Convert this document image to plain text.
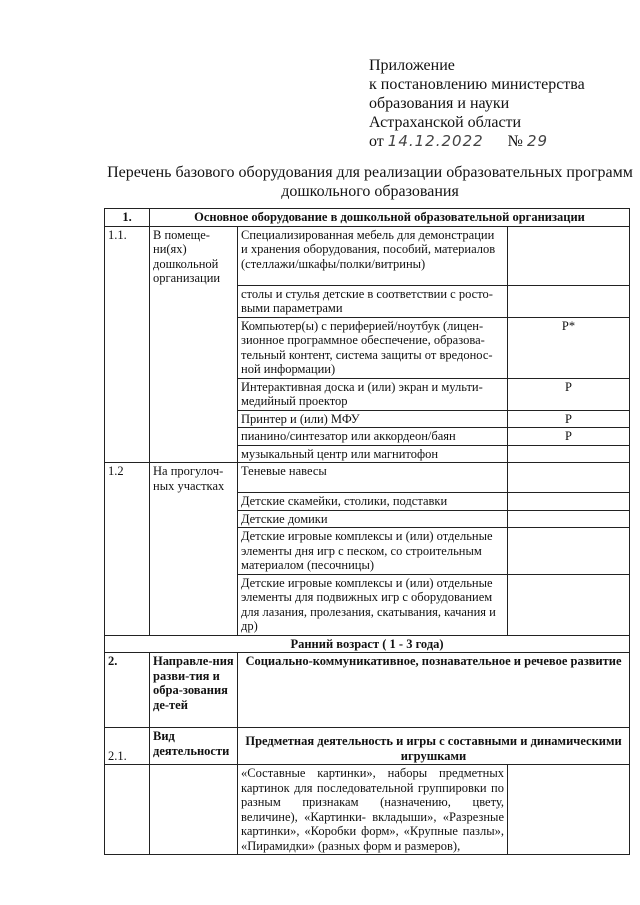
Приложение
к постановлению министерства
образования и науки
Астраханской области
от 14.12.2022 № 29
Перечень базового оборудования для реализации образовательных программ
дошкольного образования
1.	Основное оборудование в дошкольной образовательной организации		
1.1.	В помеще-ни(ях) дошкольной организации	Специализированная мебель для демонстрации и хранения оборудования, пособий, материалов (стеллажи/шкафы/полки/витрины)	
		столы и стулья детские в соответствии с росто-выми параметрами	
		Компьютер(ы) с периферией/ноутбук (лицен-зионное программное обеспечение, образова-тельный контент, система защиты от вредонос-ной информации)	Р*
		Интерактивная доска и (или) экран и мульти-медийный проектор	Р
		Принтер и (или) МФУ	Р
		пианино/синтезатор или аккордеон/баян	Р
		музыкальный центр или магнитофон	
1.2	На прогулоч-ных участках	Теневые навесы	
		Детские скамейки, столики, подставки	
		Детские домики	
		Детские игровые комплексы и (или) отдельные элементы дня игр с песком, со строительным материалом (песочницы)	
		Детские игровые комплексы и (или) отдельные элементы для подвижных игр с оборудованием для лазания, пролезания, скатывания, качания и др)	
Ранний возраст ( 1 - 3 года)			
2.	Направле-ния разви-тия и обра-зования де-тей	Социально-коммуникативное, познавательное и речевое развитие	
2.1.	Вид деятельности	Предметная деятельность и игры с составными и динамическими игрушками	
		«Составные картинки», наборы предметных картинок для последовательной группировки по разным признакам (назначению, цвету, величине), «Картинки- вкладыши», «Разрезные картинки», «Коробки форм», «Крупные пазлы», «Пирамидки» (разных форм и размеров),	
